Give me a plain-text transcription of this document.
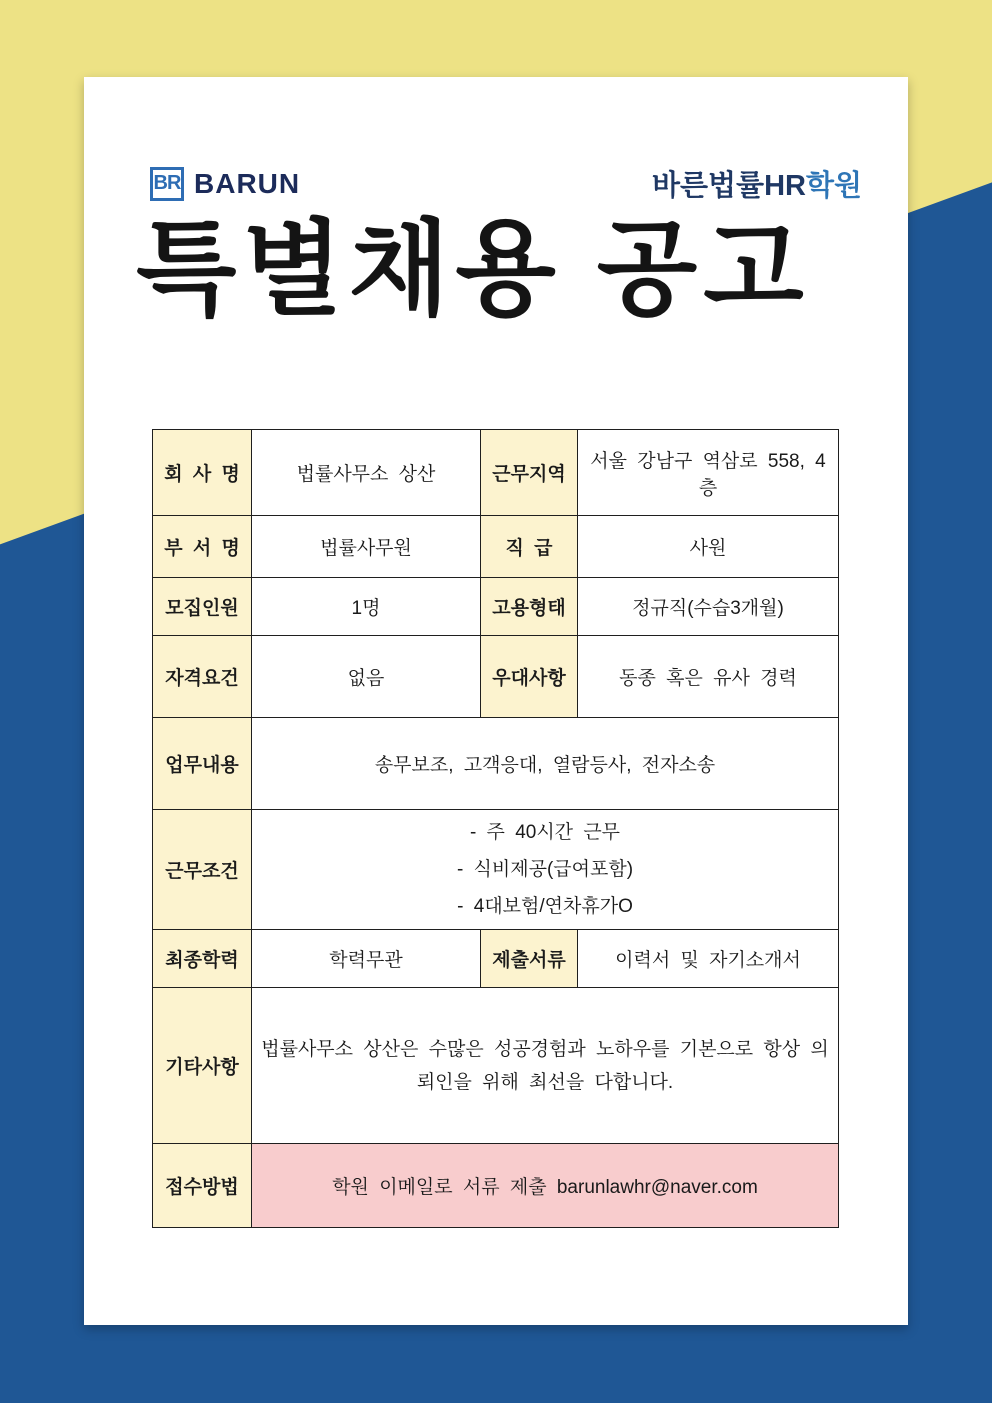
BR BARUN	바른법률HR학원
특별채용 공고
회 사 명	법률사무소 상산	근무지역	서울 강남구 역삼로 558, 4층
부 서 명	법률사무원	직 급	사원
모집인원	1명	고용형태	정규직(수습3개월)
자격요건	없음	우대사항	동종 혹은 유사 경력
업무내용	송무보조, 고객응대, 열람등사, 전자소송		
근무조건	- 주 40시간 근무
- 식비제공(급여포함)
- 4대보험/연차휴가O		

최종학력	학력무관	제출서류	이력서 및 자기소개서
기타사항	법률사무소 상산은 수많은 성공경험과 노하우를 기본으로 항상 의뢰인을 위해 최선을 다합니다.		
접수방법	학원 이메일로 서류 제출 barunlawhr@naver.com		
